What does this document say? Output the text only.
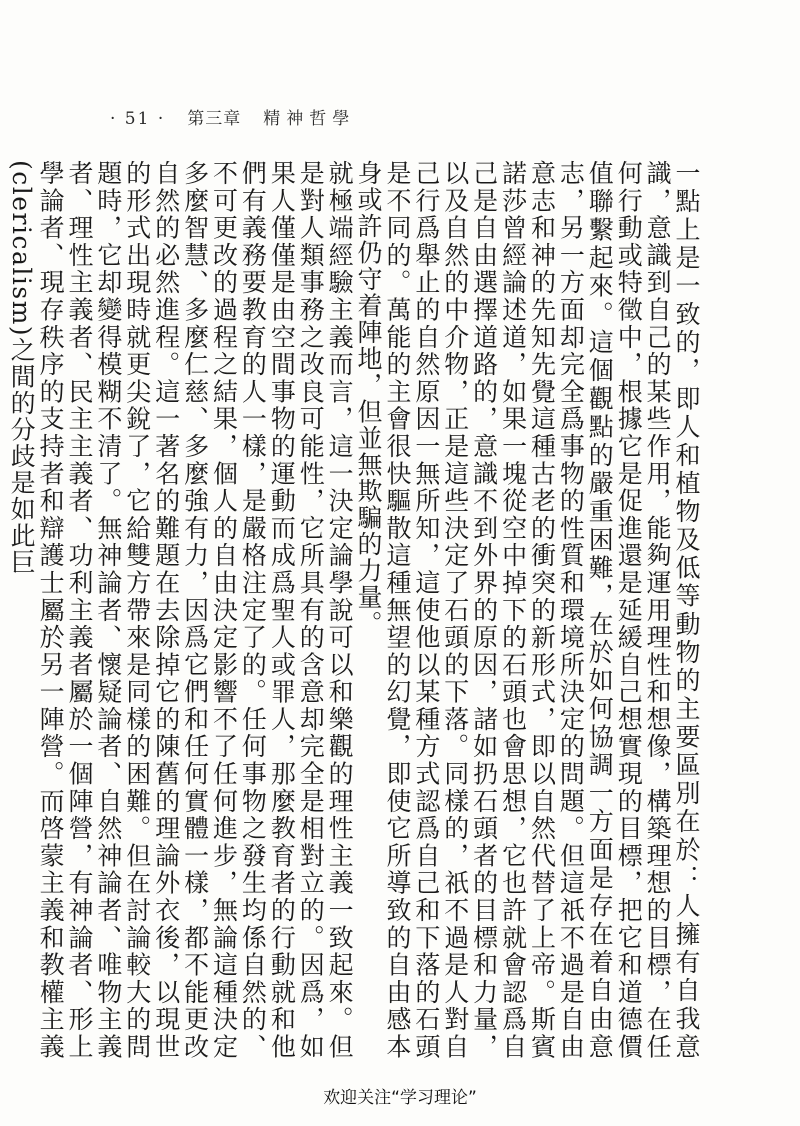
· 51 · 第三章 精神哲學

一點上是一致的，即人和植物及低等動物的主要區別在於：人擁有自我意識，意識到自己的某些作用，能夠運用理性和想像，構築理想的目標，在任何行動或特徵中，根據它是促進還是延緩自己想實現的目標，把它和道德價值聯繫起來。這個觀點的嚴重困難，在於如何協調一方面是存在着自由意志，另一方面却完全爲事物的性質和環境所決定的問題。但這祇不過是自由意志和神的先知先覺這種古老的衝突的新形式，即以自然代替了上帝。斯賓諾莎曾經論述道，如果一塊從空中掉下的石頭也會思想，它也許就會認爲自己是自由選擇道路的，意識不到外界的原因，諸如扔石頭者的目標和力量，以及自然的中介物，正是這些決定了石頭的下落。同樣的，祇不過是人對自己行爲舉止的自然原因一無所知，這使他以某種方式認爲自己和下落的石頭是不同的。萬能的主會很快驅散這種無望的幻覺，即使它所導致的自由感本身或許仍守着陣地，但並無欺騙的力量。

就極端經驗主義而言，這一決定論學說可以和樂觀的理性主義一致起來。但是對人類事務之改良可能性，它所具有的含意却完全是相對立的。因爲，如果人僅僅是由空間事物的運動而成爲聖人或罪人，那麼教育者的行動就和他們有義務要教育的人一樣，是嚴格注定了的。任何事物之發生均係自然的、不可更改的過程之結果，個人的自由決定影響不了任何進步，無論這種決定多麼智慧、多麼仁慈、多麼強有力，因爲它們和任何實體一樣，都不能更改自然的必然進程。這一著名的難題在去除掉它的陳舊的理論外衣後，以現世的形式出現時就更尖銳了，它給雙方帶來是同樣的困難。但在討論較大的問題時，它却變得模糊不清了。無神論者、懷疑論者、自然神論者、唯物主義者、理性主義者、民主主義者、功利主義者屬於一個陣營，有神論者、形上學論者、現存秩序的支持者和辯護士屬於另一陣營。而啓蒙主義和教權主義(clericalism)之間的分歧是如此巨

欢迎关注“学习理论”
